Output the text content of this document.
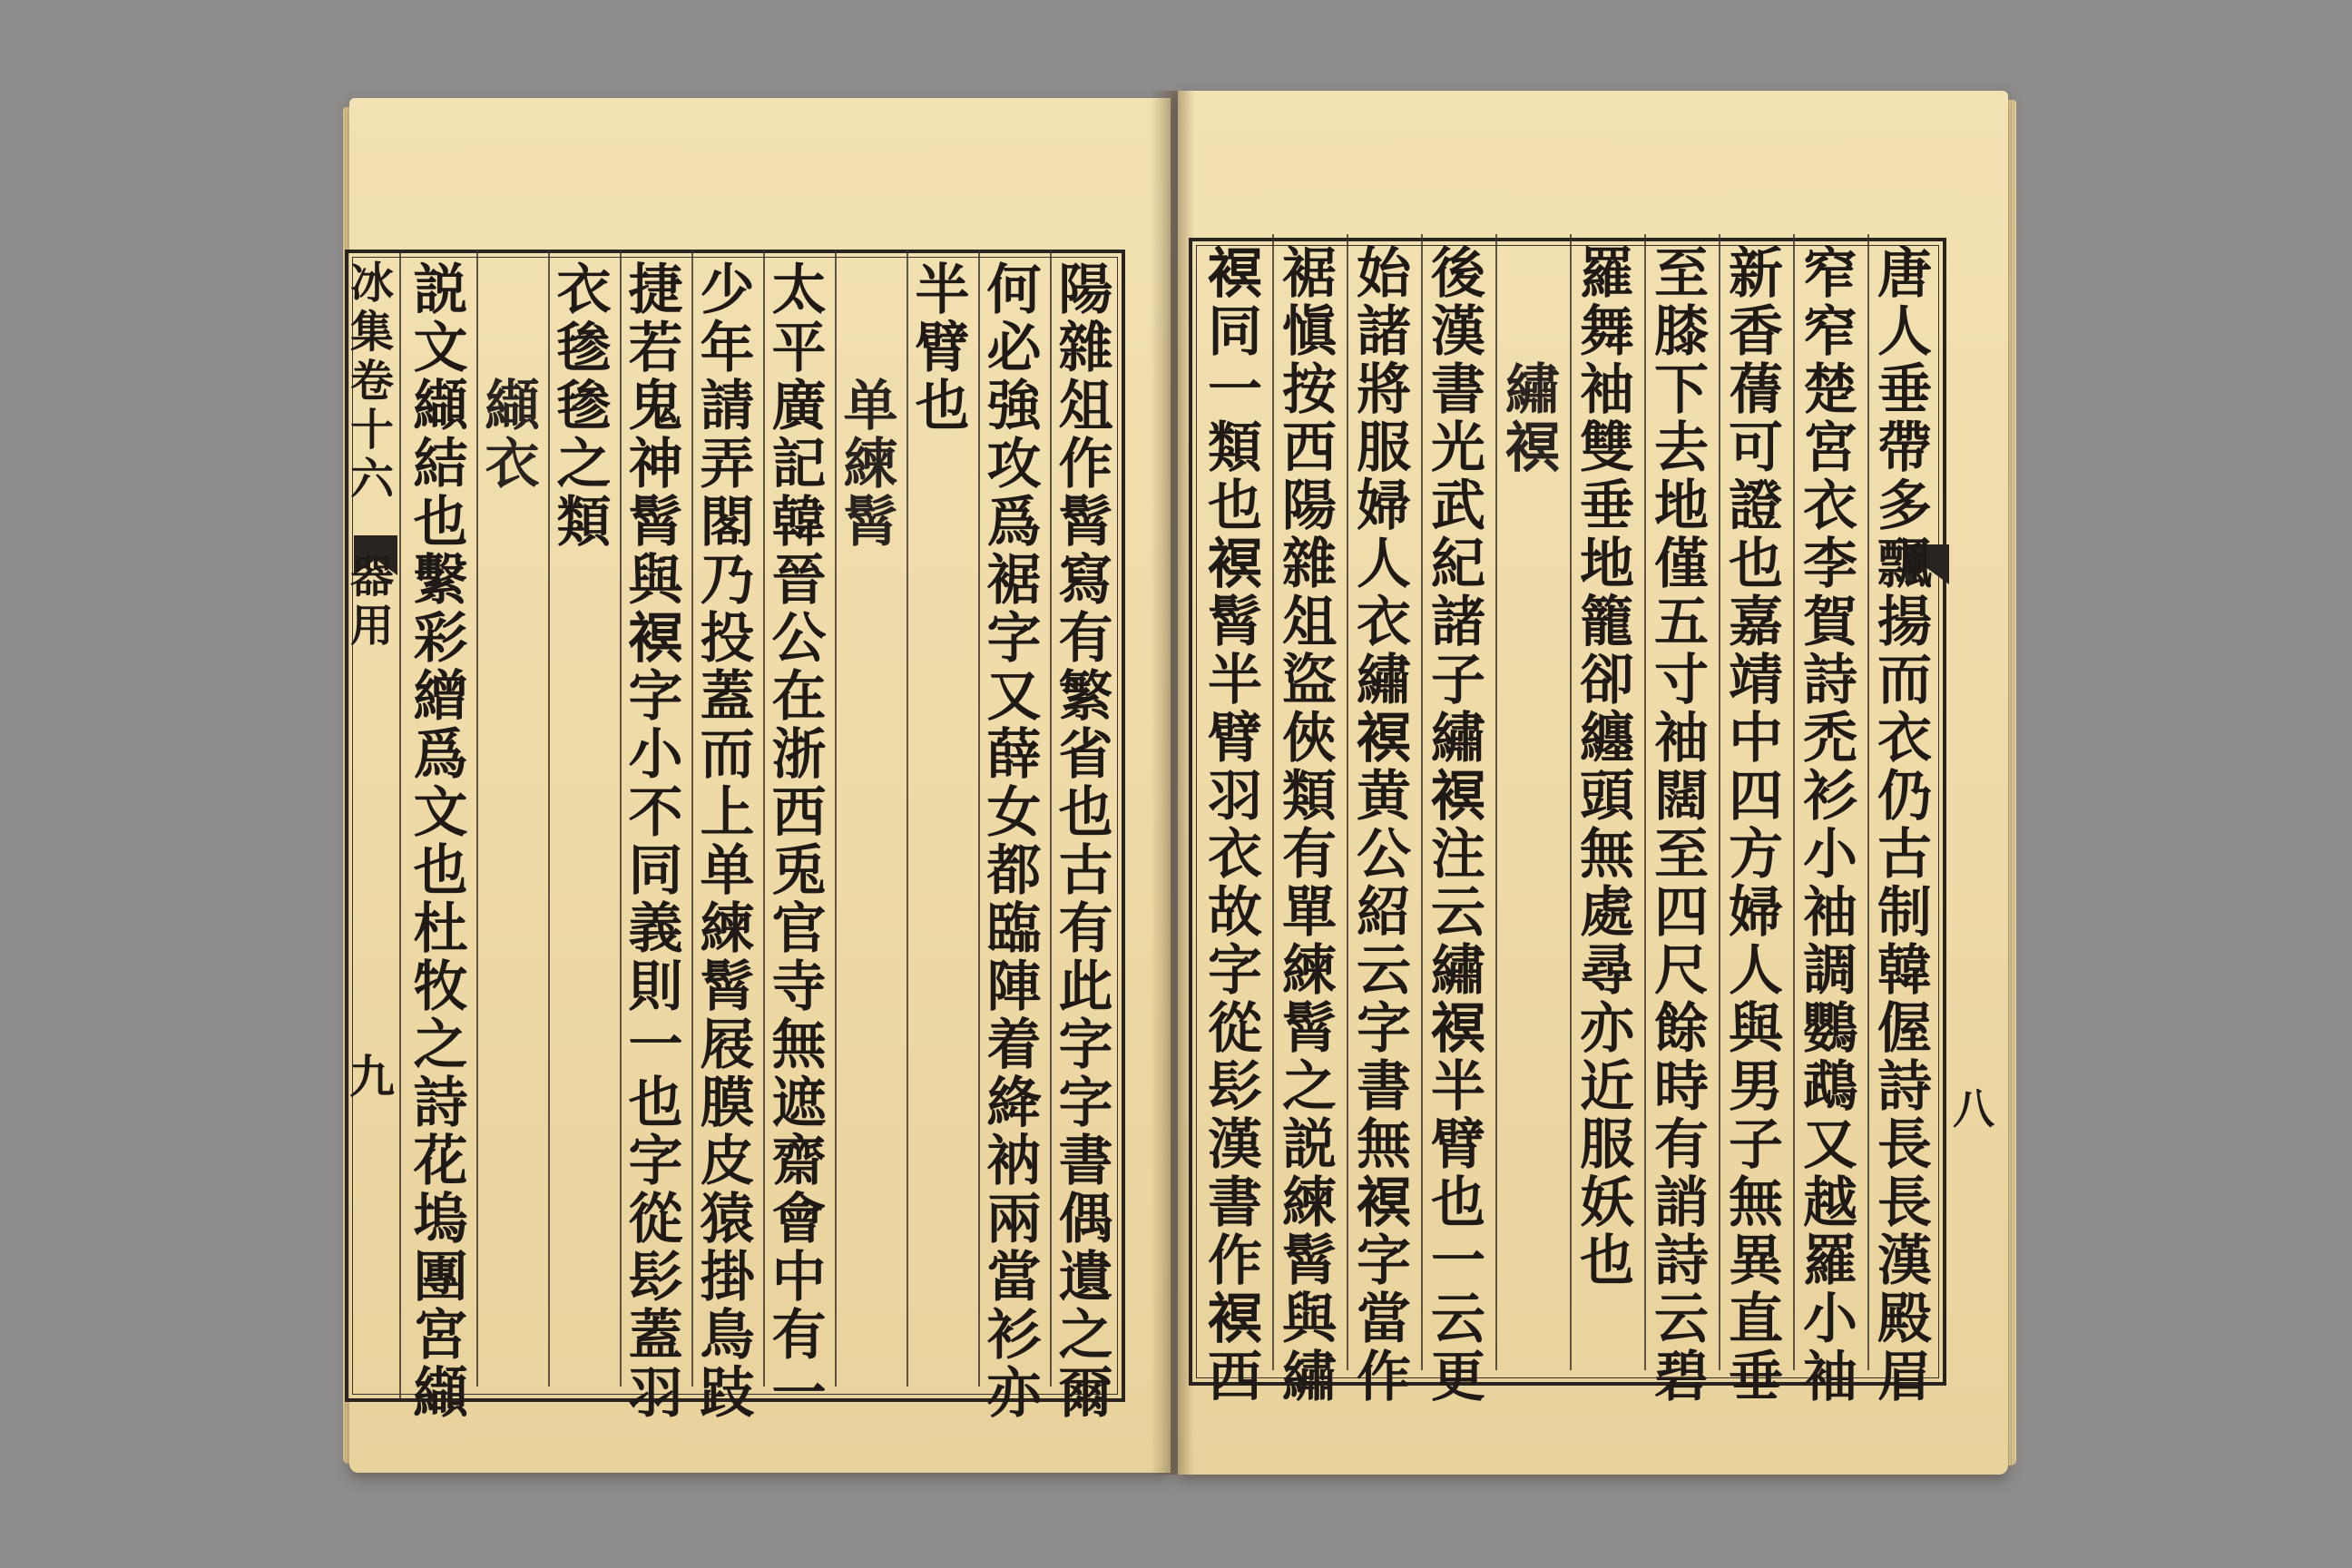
冰
集
卷
十
六

器
用
九
陽
雜
俎
作
髾
寫
有
繁
省
也
古
有
此
字
字
書
偶
遺
之
爾
何
必
強
攻
爲
裾
字
又
薛
女
都
臨
陣
着
絳
衲
兩
當
衫
亦
半
臂
也
单
練
髾
太
平
廣
記
韓
晉
公
在
浙
西
兎
官
寺
無
遮
齋
會
中
有
一
少
年
請
弄
閣
乃
投
蓋
而
上
单
練
髾
屐
膜
皮
猿
掛
鳥
跂
捷
若
鬼
神
髾
與
𧜀
字
小
不
同
義
則
一
也
字
從
髟
蓋
羽
衣
毶
毶
之
類
纈
衣
説
文
纈
結
也
繫
彩
繒
爲
文
也
杜
牧
之
詩
花
塢
團
宮
纈
八
唐
人
垂
帶
多
飄
揚
而
衣
仍
古
制
韓
偓
詩
長
長
漢
殿
眉
窄
窄
楚
宮
衣
李
賀
詩
禿
衫
小
袖
調
鸚
鵡
又
越
羅
小
袖
新
香
蒨
可
證
也
嘉
靖
中
四
方
婦
人
與
男
子
無
異
直
垂
至
膝
下
去
地
僅
五
寸
袖
闊
至
四
尺
餘
時
有
誚
詩
云
碧
羅
舞
袖
雙
垂
地
籠
卻
纏
頭
無
處
尋
亦
近
服
妖
也
繡
𧜀
後
漢
書
光
武
紀
諸
子
繡
𧜀
注
云
繡
𧜀
半
臂
也
一
云
更
始
諸
將
服
婦
人
衣
繡
𧜀
黄
公
紹
云
字
書
無
𧜀
字
當
作
裾
愼
按
西
陽
雜
俎
盜
俠
類
有
單
練
髾
之
説
練
髾
與
繡
𧜀
同
一
類
也
𧜀
髾
半
臂
羽
衣
故
字
從
髟
漢
書
作
𧜀
西
